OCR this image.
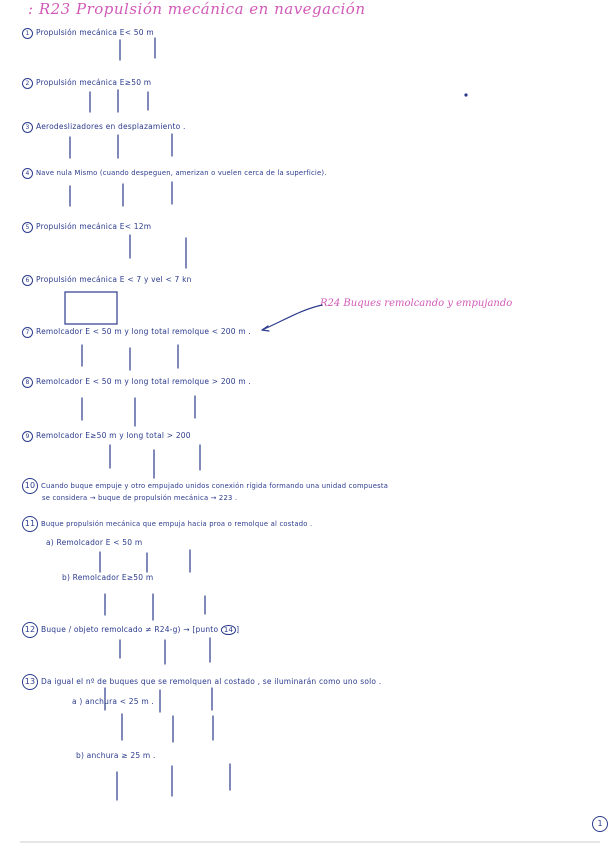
: R23 Propulsión mecánica en navegación
R24 Buques remolcando y empujando
1 Propulsión mecánica E< 50 m
2 Propulsión mecánica E≥50 m
3 Aerodeslizadores en desplazamiento .
4 Nave nula Mismo (cuando despeguen, amerizan o vuelen cerca de la superficie).
5 Propulsión mecánica E< 12m
6 Propulsión mecánica E < 7 y vel < 7 kn
7 Remolcador E < 50 m y long total remolque < 200 m .
8 Remolcador E < 50 m y long total remolque > 200 m .
9 Remolcador E≥50 m y long total > 200
10 Cuando buque empuje y otro empujado unidos conexión rígida formando una unidad compuesta
se considera → buque de propulsión mecánica → 223 .
11 Buque propulsión mecánica que empuja hacia proa o remolque al costado .
a) Remolcador E < 50 m
b) Remolcador E≥50 m
12 Buque / objeto remolcado ≠ R24-g) → [punto 14 ]
13 Da igual el nº de buques que se remolquen al costado , se iluminarán como uno solo .
a ) anchura < 25 m .
b) anchura ≥ 25 m .
1
